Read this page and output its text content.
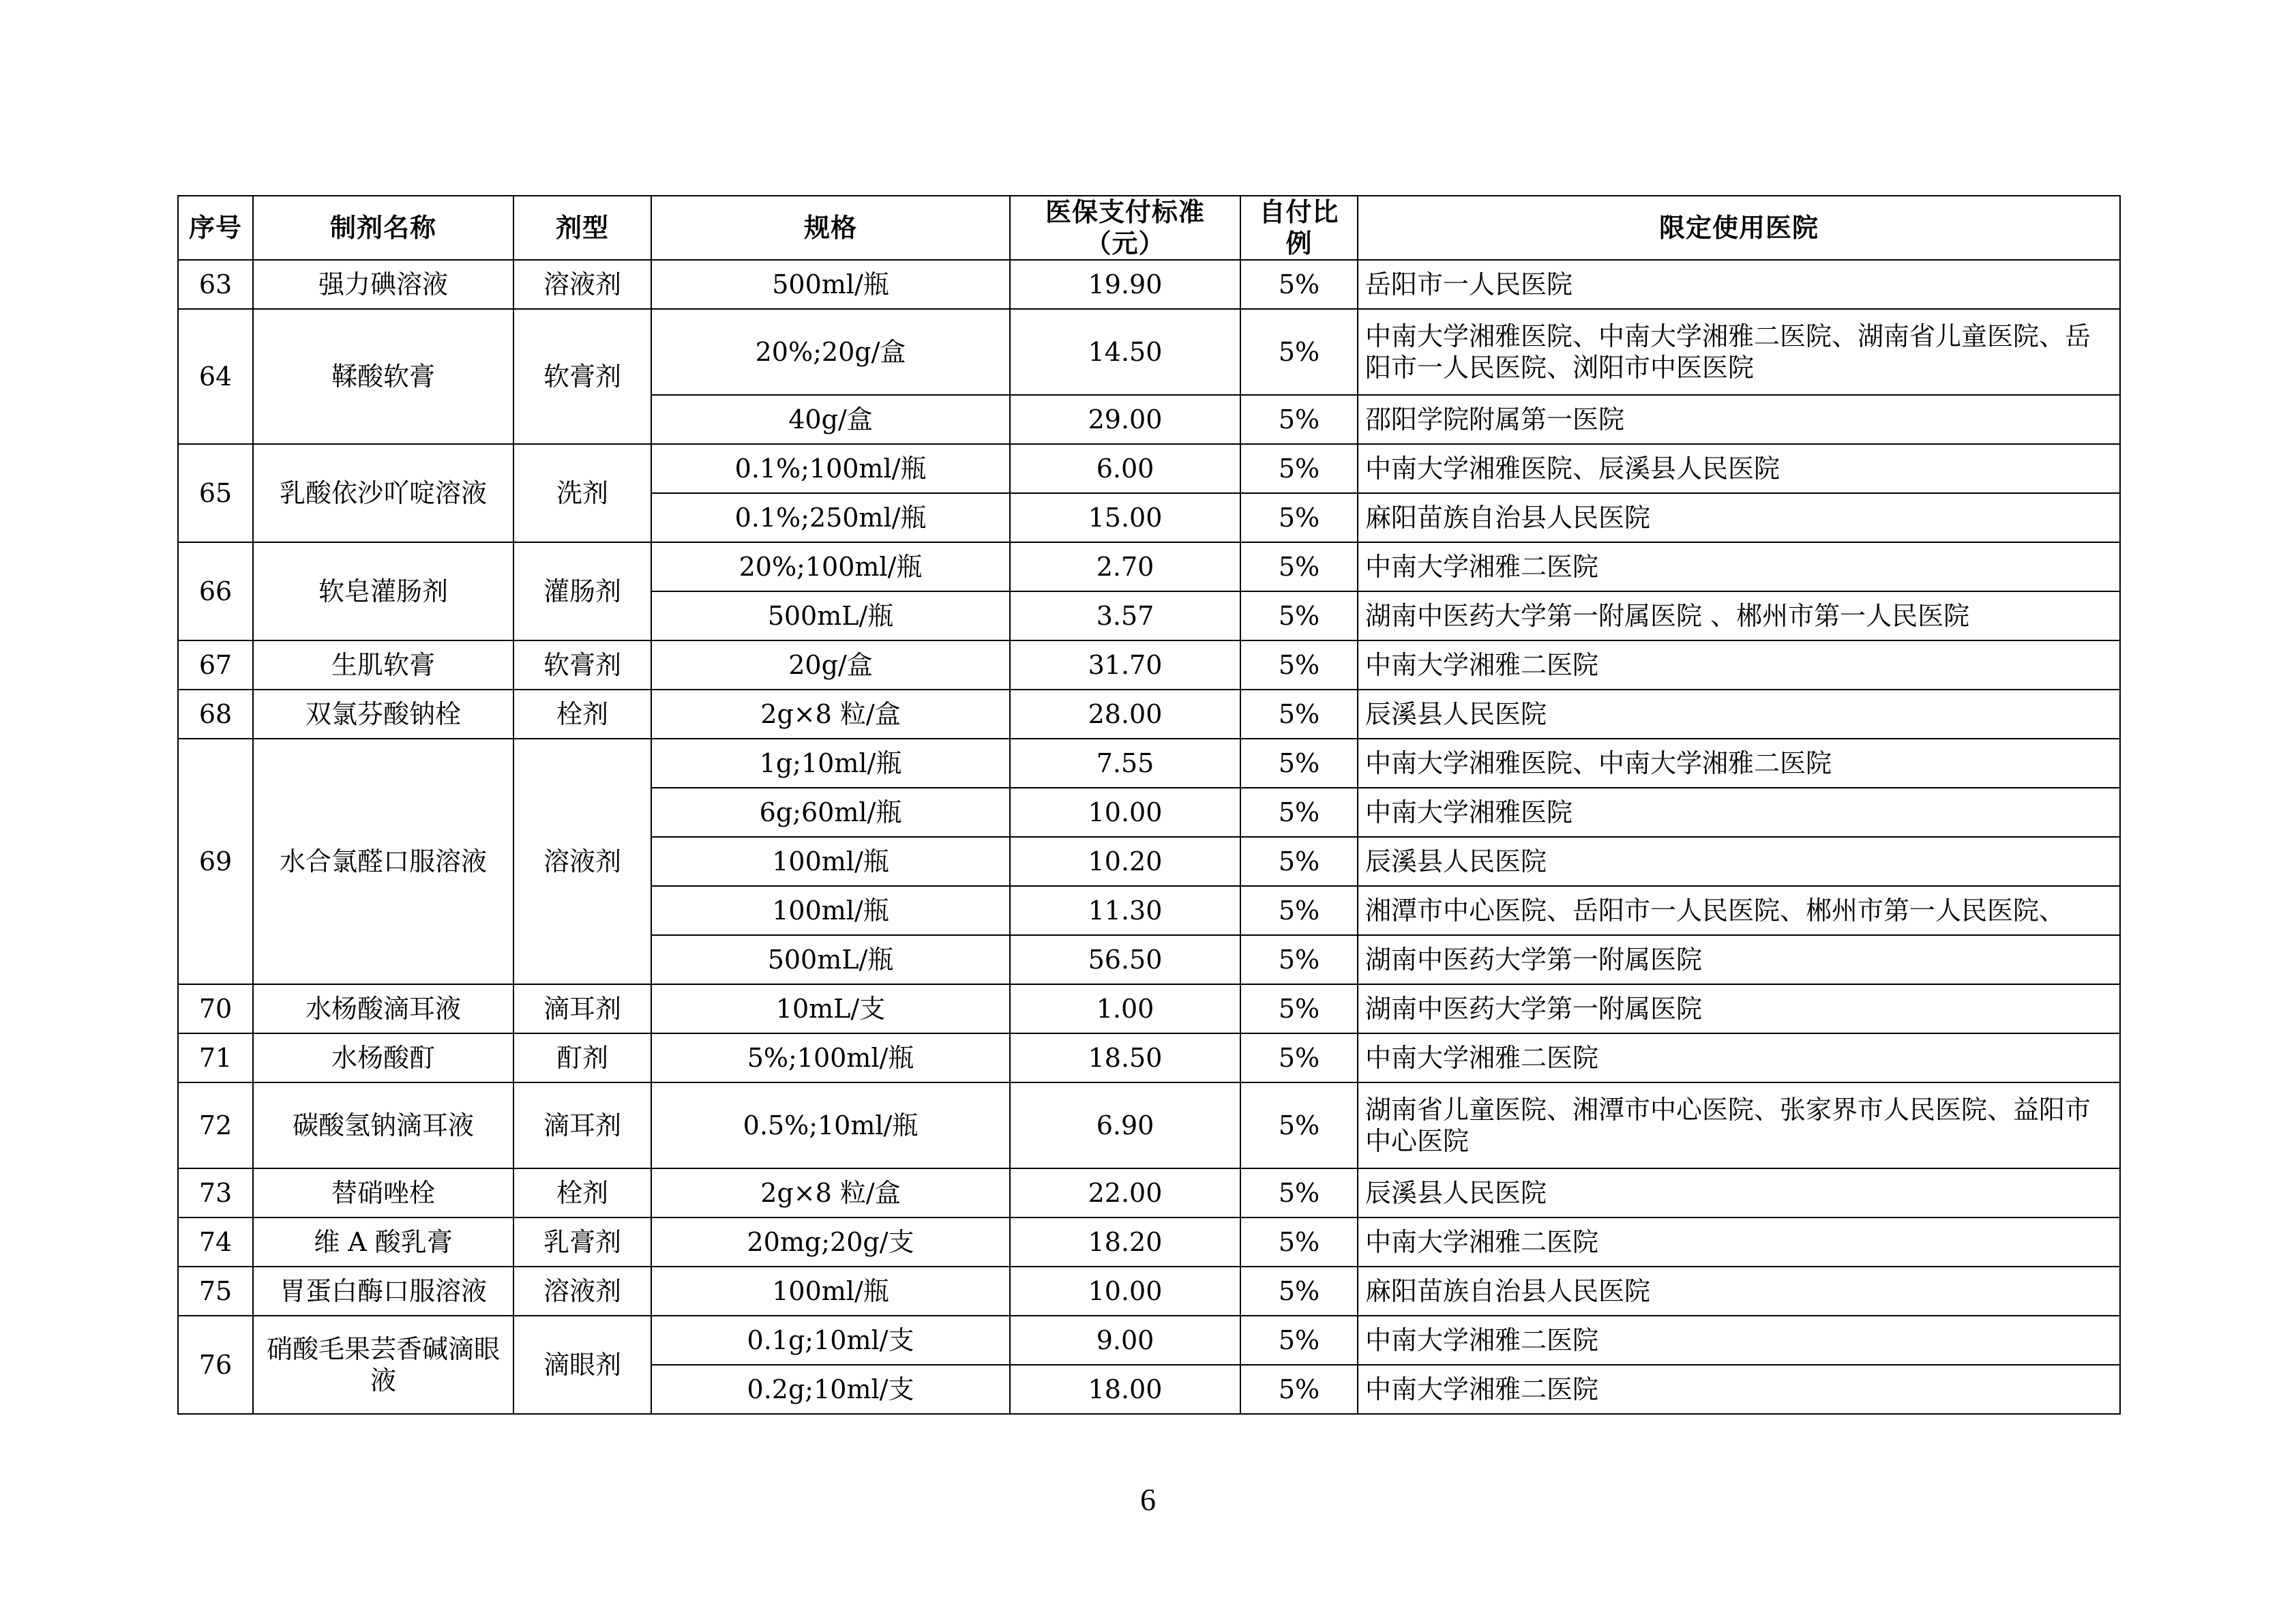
序号	制剂名称	剂型	规格	医保支付标准（元）	自付比例	限定使用医院
63	强力碘溶液	溶液剂	500ml/瓶	19.90	5%	岳阳市一人民医院
64	鞣酸软膏	软膏剂	20%;20g/盒	14.50	5%	中南大学湘雅医院、中南大学湘雅二医院、湖南省儿童医院、岳阳市一人民医院、浏阳市中医医院
			40g/盒	29.00	5%	邵阳学院附属第一医院
65	乳酸依沙吖啶溶液	洗剂	0.1%;100ml/瓶	6.00	5%	中南大学湘雅医院、辰溪县人民医院
			0.1%;250ml/瓶	15.00	5%	麻阳苗族自治县人民医院
66	软皂灌肠剂	灌肠剂	20%;100ml/瓶	2.70	5%	中南大学湘雅二医院
			500mL/瓶	3.57	5%	湖南中医药大学第一附属医院 、郴州市第一人民医院
67	生肌软膏	软膏剂	20g/盒	31.70	5%	中南大学湘雅二医院
68	双氯芬酸钠栓	栓剂	2g×8 粒/盒	28.00	5%	辰溪县人民医院
69	水合氯醛口服溶液	溶液剂	1g;10ml/瓶	7.55	5%	中南大学湘雅医院、中南大学湘雅二医院
			6g;60ml/瓶	10.00	5%	中南大学湘雅医院
			100ml/瓶	10.20	5%	辰溪县人民医院
			100ml/瓶	11.30	5%	湘潭市中心医院、岳阳市一人民医院、郴州市第一人民医院、
			500mL/瓶	56.50	5%	湖南中医药大学第一附属医院
70	水杨酸滴耳液	滴耳剂	10mL/支	1.00	5%	湖南中医药大学第一附属医院
71	水杨酸酊	酊剂	5%;100ml/瓶	18.50	5%	中南大学湘雅二医院
72	碳酸氢钠滴耳液	滴耳剂	0.5%;10ml/瓶	6.90	5%	湖南省儿童医院、湘潭市中心医院、张家界市人民医院、益阳市中心医院
73	替硝唑栓	栓剂	2g×8 粒/盒	22.00	5%	辰溪县人民医院
74	维 A 酸乳膏	乳膏剂	20mg;20g/支	18.20	5%	中南大学湘雅二医院
75	胃蛋白酶口服溶液	溶液剂	100ml/瓶	10.00	5%	麻阳苗族自治县人民医院
76	硝酸毛果芸香碱滴眼液	滴眼剂	0.1g;10ml/支	9.00	5%	中南大学湘雅二医院
			0.2g;10ml/支	18.00	5%	中南大学湘雅二医院
6
